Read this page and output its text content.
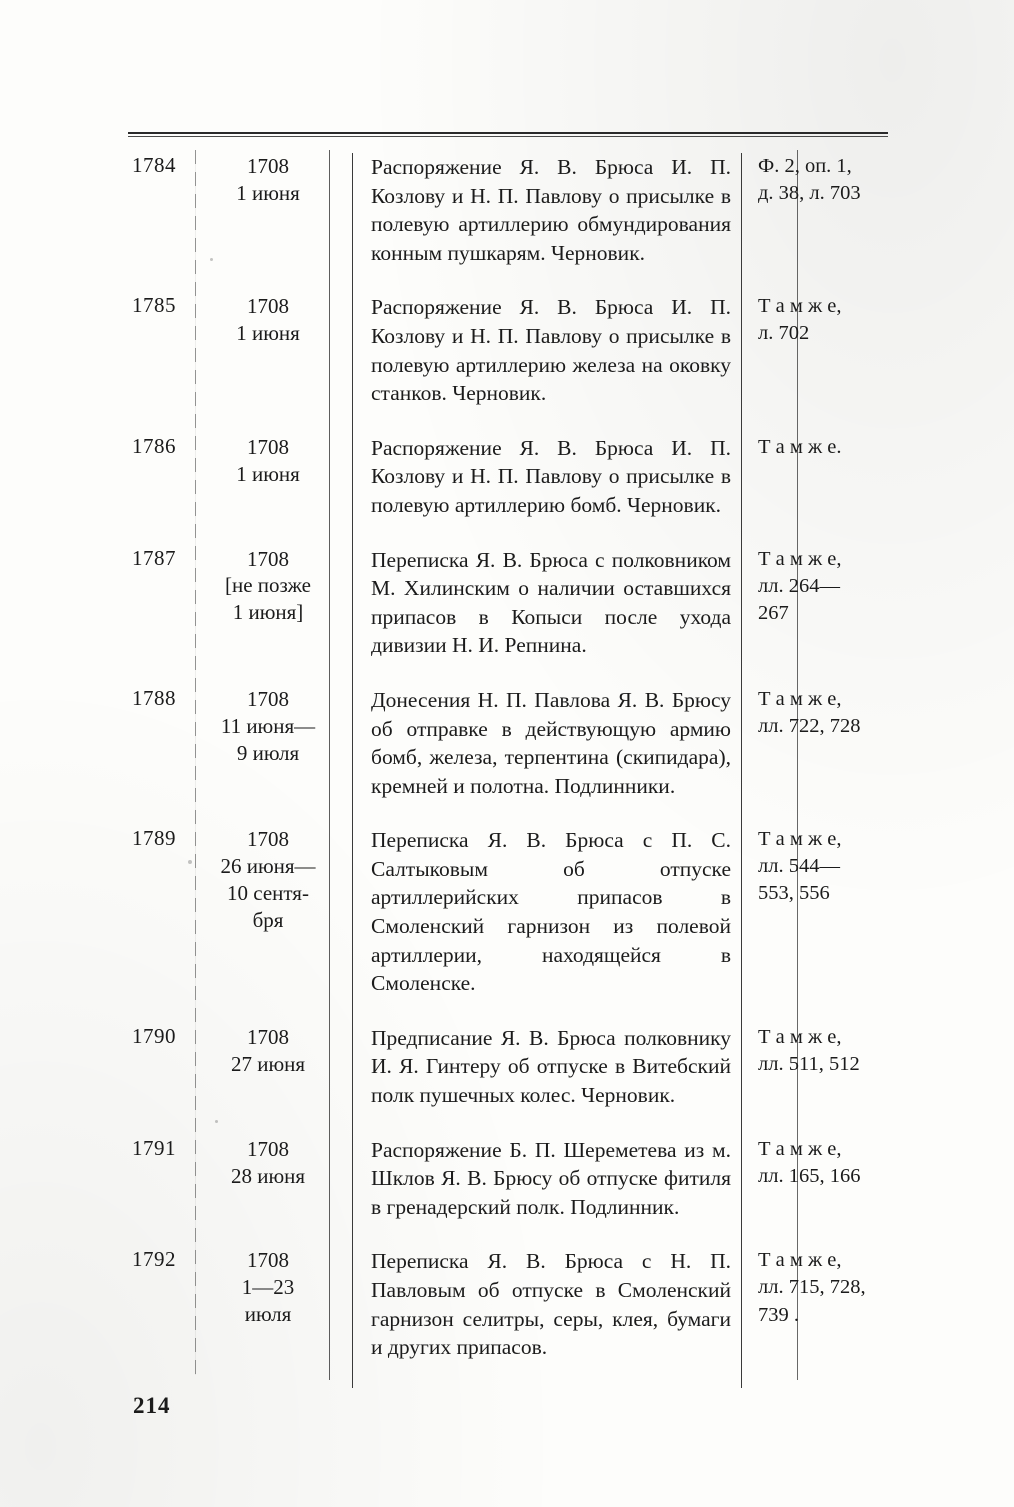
1784	1708
1 июня	Распоряжение Я. В. Брюса И. П. Козлову и Н. П. Павлову о присылке в полевую артиллерию обмундирования конным пушкарям. Черновик.	Ф. 2, оп. 1,
д. 38, л. 703

1785	1708
1 июня	Распоряжение Я. В. Брюса И. П. Козлову и Н. П. Павлову о присылке в полевую артиллерию железа на оковку станков. Черновик.	Т а м ж е,
л. 702

1786	1708
1 июня	Распоряжение Я. В. Брюса И. П. Козлову и Н. П. Павлову о присылке в полевую артиллерию бомб. Черновик.	Т а м ж е.

1787	1708
[не позже
1 июня]	Переписка Я. В. Брюса с полковником М. Хилинским о наличии оставшихся припасов в Копыси после ухода дивизии Н. И. Репнина.	Т а м ж е,
лл. 264—
267

1788	1708
11 июня—
9 июля	Донесения Н. П. Павлова Я. В. Брюсу об отправке в действующую армию бомб, железа, терпентина (скипидара), кремней и полотна. Подлинники.	Т а м ж е,
лл. 722, 728

1789	1708
26 июня—
10 сентя-
бря	Переписка Я. В. Брюса с П. С. Салтыковым об отпуске артиллерийских припасов в Смоленский гарнизон из полевой артиллерии, находящейся в Смоленске.	Т а м ж е,
лл. 544—
553, 556

1790	1708
27 июня	Предписание Я. В. Брюса полковнику И. Я. Гинтеру об отпуске в Витебский полк пушечных колес. Черновик.	Т а м ж е,
лл. 511, 512

1791	1708
28 июня	Распоряжение Б. П. Шереметева из м. Шклов Я. В. Брюсу об отпуске фитиля в гренадерский полк. Подлинник.	Т а м ж е,
лл. 165, 166

1792	1708
1—23
июля	Переписка Я. В. Брюса с Н. П. Павловым об отпуске в Смоленский гарнизон селитры, серы, клея, бумаги и других припасов.	Т а м ж е,
лл. 715, 728,
739 .
214
